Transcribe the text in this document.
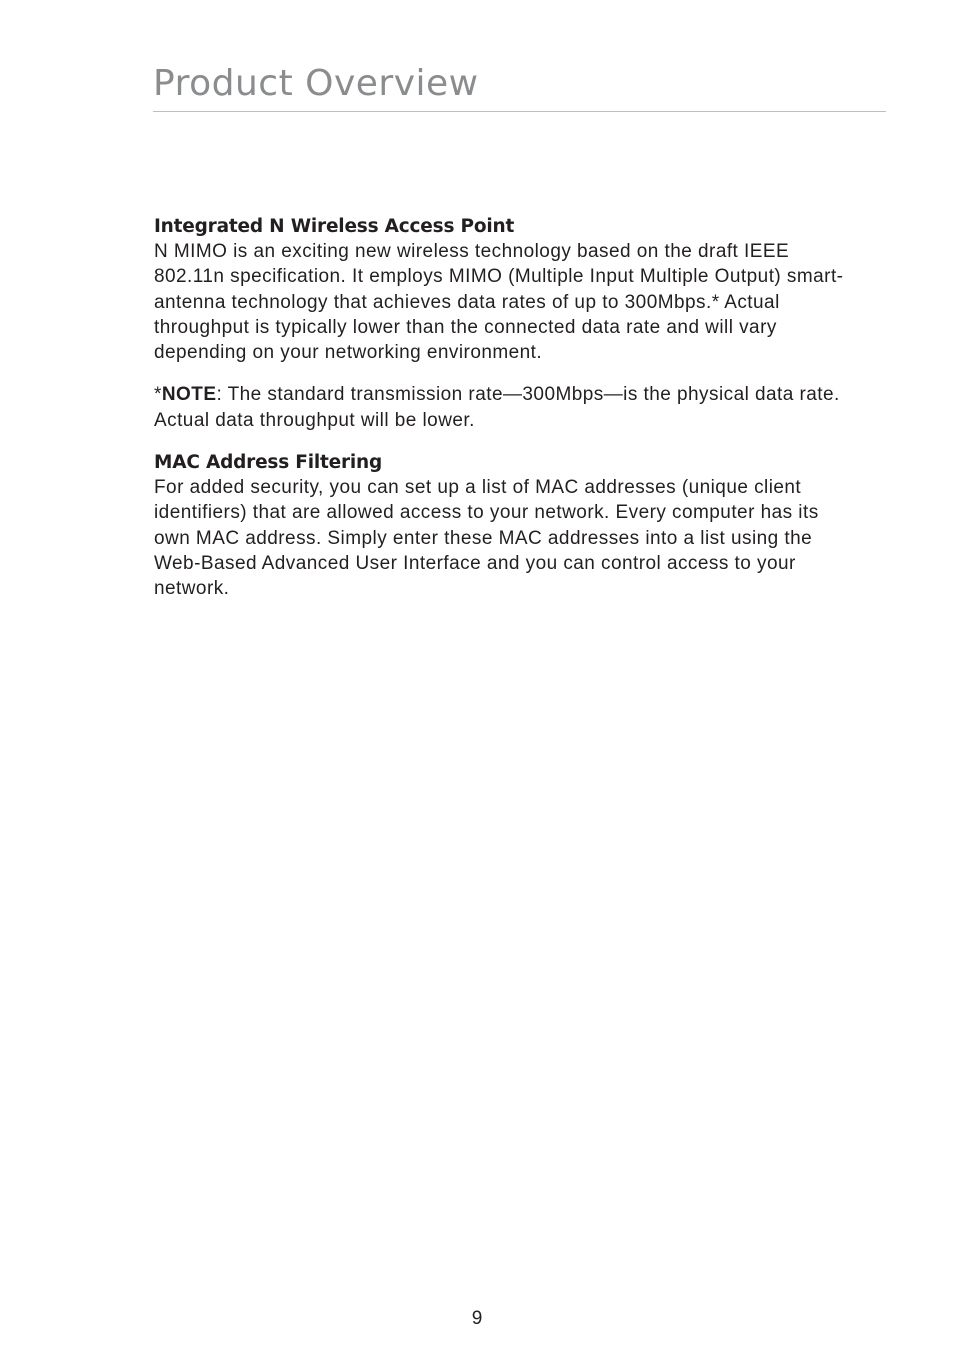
Product Overview
Integrated N Wireless Access Point

N MIMO is an exciting new wireless technology based on the draft IEEE 802.11n specification. It employs MIMO (Multiple Input Multiple Output) smart-antenna technology that achieves data rates of up to 300Mbps.* Actual throughput is typically lower than the connected data rate and will vary depending on your networking environment.

*NOTE: The standard transmission rate—300Mbps—is the physical data rate. Actual data throughput will be lower.

MAC Address Filtering

For added security, you can set up a list of MAC addresses (unique client identifiers) that are allowed access to your network. Every computer has its own MAC address. Simply enter these MAC addresses into a list using the Web-Based Advanced User Interface and you can control access to your network.

9
